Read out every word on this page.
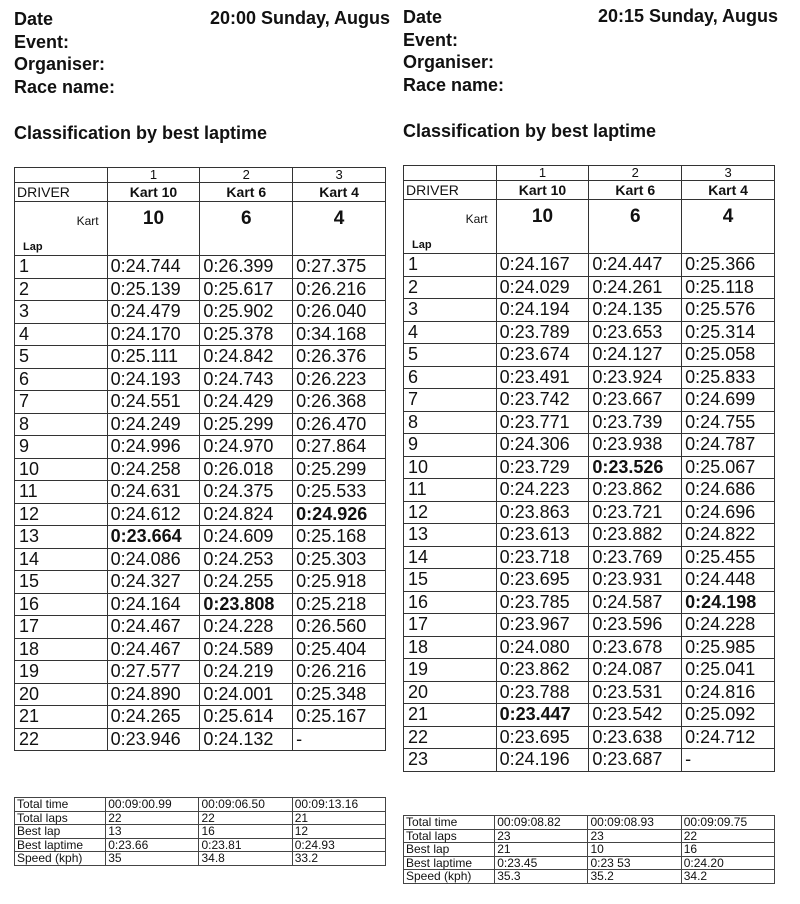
Date
Event:
Organiser:
Race name:
20:00 Sunday, Augus
Classification by best laptime
	1	2	3
DRIVER	Kart 10	Kart 6	Kart 4

Kart
Lap	10	6	4
1	0:24.744	0:26.399	0:27.375
2	0:25.139	0:25.617	0:26.216
3	0:24.479	0:25.902	0:26.040
4	0:24.170	0:25.378	0:34.168
5	0:25.111	0:24.842	0:26.376
6	0:24.193	0:24.743	0:26.223
7	0:24.551	0:24.429	0:26.368
8	0:24.249	0:25.299	0:26.470
9	0:24.996	0:24.970	0:27.864
10	0:24.258	0:26.018	0:25.299
11	0:24.631	0:24.375	0:25.533
12	0:24.612	0:24.824	0:24.926
13	0:23.664	0:24.609	0:25.168
14	0:24.086	0:24.253	0:25.303
15	0:24.327	0:24.255	0:25.918
16	0:24.164	0:23.808	0:25.218
17	0:24.467	0:24.228	0:26.560
18	0:24.467	0:24.589	0:25.404
19	0:27.577	0:24.219	0:26.216
20	0:24.890	0:24.001	0:25.348
21	0:24.265	0:25.614	0:25.167
22	0:23.946	0:24.132	-
Total time	00:09:00.99	00:09:06.50	00:09:13.16
Total laps	22	22	21
Best lap	13	16	12
Best laptime	0:23.66	0:23.81	0:24.93
Speed (kph)	35	34.8	33.2
Date
Event:
Organiser:
Race name:
20:15 Sunday, Augus
Classification by best laptime
	1	2	3
DRIVER	Kart 10	Kart 6	Kart 4

Kart
Lap	10	6	4
1	0:24.167	0:24.447	0:25.366
2	0:24.029	0:24.261	0:25.118
3	0:24.194	0:24.135	0:25.576
4	0:23.789	0:23.653	0:25.314
5	0:23.674	0:24.127	0:25.058
6	0:23.491	0:23.924	0:25.833
7	0:23.742	0:23.667	0:24.699
8	0:23.771	0:23.739	0:24.755
9	0:24.306	0:23.938	0:24.787
10	0:23.729	0:23.526	0:25.067
11	0:24.223	0:23.862	0:24.686
12	0:23.863	0:23.721	0:24.696
13	0:23.613	0:23.882	0:24.822
14	0:23.718	0:23.769	0:25.455
15	0:23.695	0:23.931	0:24.448
16	0:23.785	0:24.587	0:24.198
17	0:23.967	0:23.596	0:24.228
18	0:24.080	0:23.678	0:25.985
19	0:23.862	0:24.087	0:25.041
20	0:23.788	0:23.531	0:24.816
21	0:23.447	0:23.542	0:25.092
22	0:23.695	0:23.638	0:24.712
23	0:24.196	0:23.687	-
Total time	00:09:08.82	00:09:08.93	00:09:09.75
Total laps	23	23	22
Best lap	21	10	16
Best laptime	0:23.45	0:23 53	0:24.20
Speed (kph)	35.3	35.2	34.2
